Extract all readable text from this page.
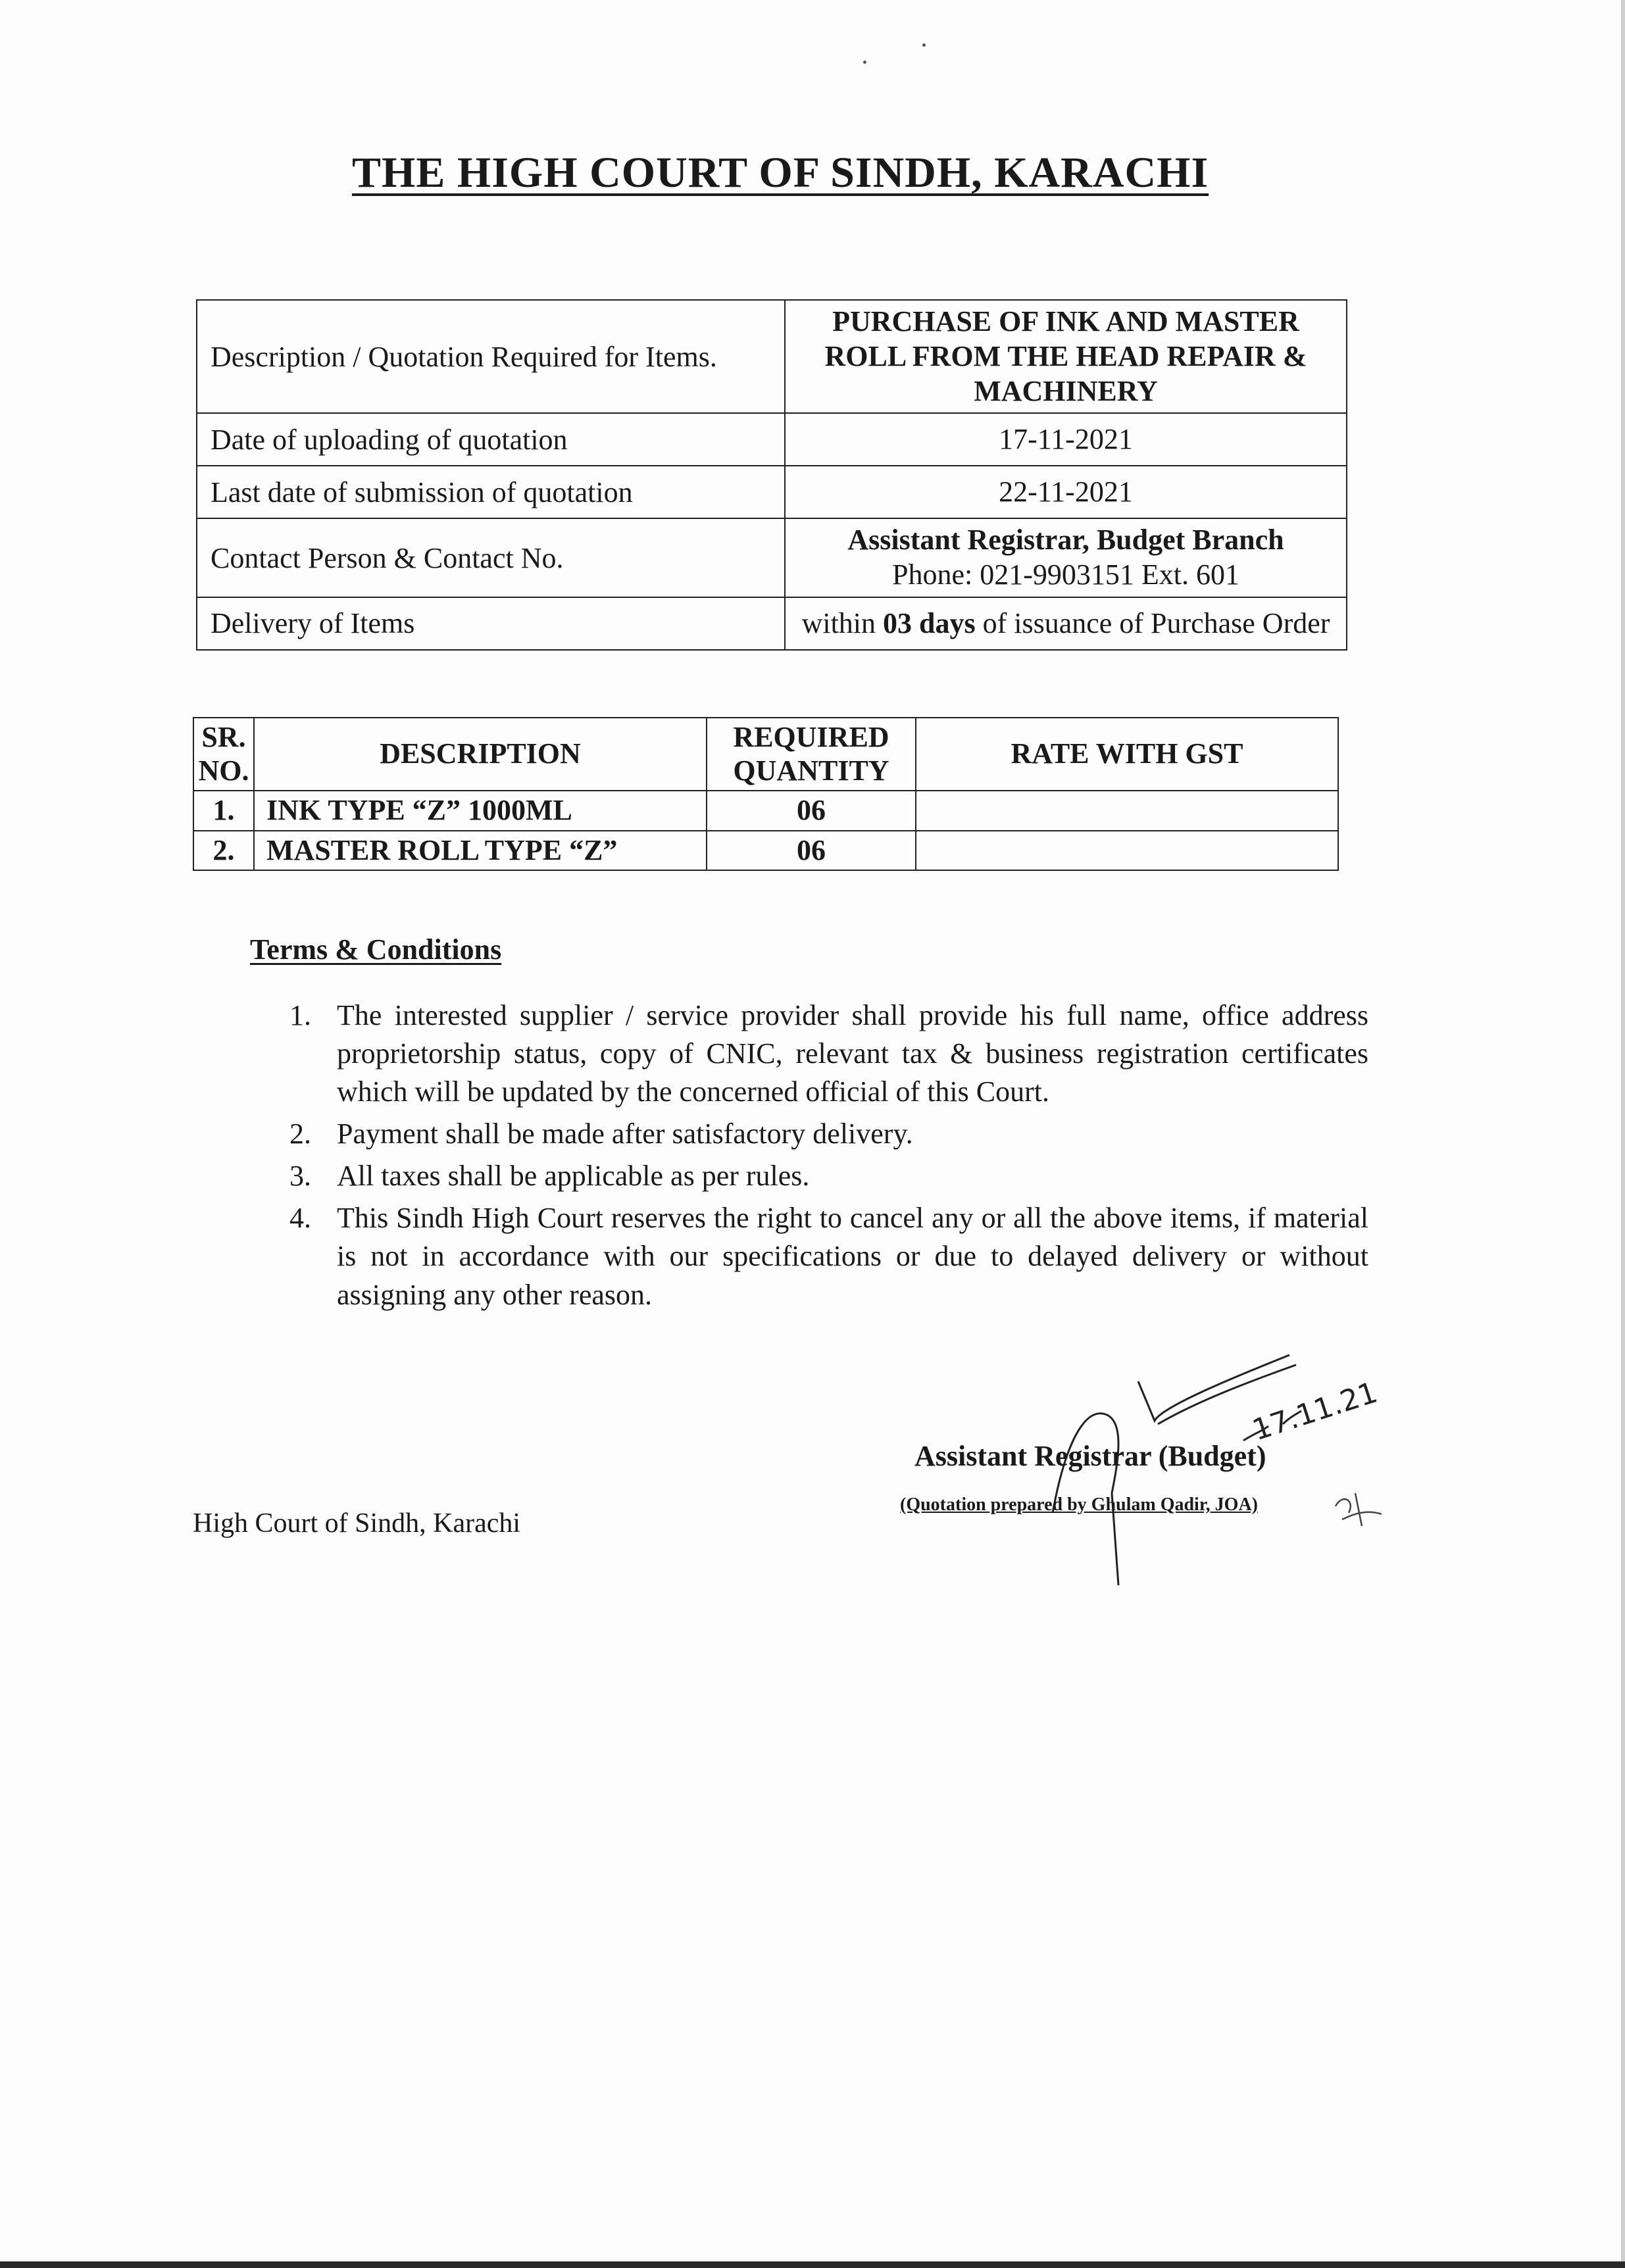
THE HIGH COURT OF SINDH, KARACHI
Description / Quotation Required for Items.	PURCHASE OF INK AND MASTER ROLL FROM THE HEAD REPAIR & MACHINERY
Date of uploading of quotation	17-11-2021
Last date of submission of quotation	22-11-2021
Contact Person & Contact No.	Assistant Registrar, Budget Branch
Phone: 021-9903151 Ext. 601

Delivery of Items	within 03 days of issuance of Purchase Order
SR. NO.	DESCRIPTION	REQUIRED QUANTITY	RATE WITH GST
1.	INK TYPE “Z” 1000ML	06	
2.	MASTER ROLL TYPE “Z”	06	
Terms & Conditions
1. The interested supplier / service provider shall provide his full name, office address proprietorship status, copy of CNIC, relevant tax & business registration certificates which will be updated by the concerned official of this Court.
2. Payment shall be made after satisfactory delivery.
3. All taxes shall be applicable as per rules.
4. This Sindh High Court reserves the right to cancel any or all the above items, if material is not in accordance with our specifications or due to delayed delivery or without assigning any other reason.
17.11.21
Assistant Registrar (Budget)
(Quotation prepared by Ghulam Qadir, JOA)
High Court of Sindh, Karachi
